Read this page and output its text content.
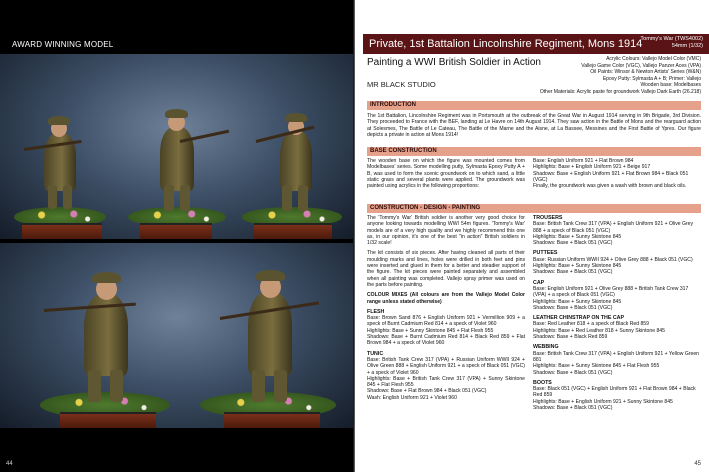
AWARD WINNING MODEL
44
Private, 1st Battalion Lincolnshire Regiment, Mons 1914
Tommy's War (TWS4002)
54mm (1/32)
Painting a WWI British Soldier in Action
MR BLACK STUDIO
Acrylic Colours: Vallejo Model Color (VMC)
Vallejo Game Color (VGC), Vallejo Panzer Aces (VPA)
Oil Paints: Winsor & Newton Artists' Series (W&N)
Epoxy Putty: Sylmasta A + B; Primer: Vallejo
Wooden base: Modelbases
Other Materials: Acrylic paste for groundwork Vallejo Dark Earth (26.218)
INTRODUCTION
The 1st Battalion, Lincolnshire Regiment was in Portsmouth at the outbreak of the Great War in August 1914 serving in 9th Brigade, 3rd Division. They proceeded to France with the BEF, landing at Le Havre on 14th August 1914. They saw action in the Battle of Mons and the rearguard action at Solesmes, The Battle of Le Cateau, The Battle of the Marne and the Aisne, at La Bassee, Messines and the First Battle of Ypres. Our figure depicts a private in action at Mons 1914!
BASE CONSTRUCTION
The wooden base on which the figure was mounted comes from Modelbases' series. Some modelling putty, Sylmasta Epoxy Putty A + B, was used to form the scenic groundwork on to which sand, a little static grass and several plants were applied. The groundwork was painted using acrylics in the following proportions:
Base: English Uniform 921 + Flat Brown 984
Highlights: Base + English Uniform 921 + Beige 917
Shadows: Base + English Uniform 921 + Flat Brown 984 + Black 051 (VGC)
Finally, the groundwork was given a wash with brown and black oils.
CONSTRUCTION - DESIGN - PAINTING

The 'Tommy's War' British soldier is another very good choice for anyone looking towards modelling WWI 54m figures. 'Tommy's War' models are of a very high quality and we highly recommend this one as, in our opinion, it's one of the best "in action" British soldiers in 1/32 scale!

The kit consists of six pieces. After having cleaned all parts of their moulding marks and lines, holes were drilled in both feet and pins were inserted and glued in them for a better and steadier support of the figure. The kit pieces were painted separately and assembled when all painting was completed. Vallejo spray primer was used on the parts before painting.

COLOUR MIXES (All colours are from the Vallejo Model Color range unless stated otherwise)

FLESH
Base: Brown Sand 876 + English Uniform 921 + Vermillion 909 + a speck of Burnt Cadmium Red 814 + a speck of Violet 960
Highlights: Base + Sunny Skintone 845 + Flat Flesh 955
Shadows: Base + Burnt Cadmium Red 814 + Black Red 859 + Flat Brown 984 + a speck of Violet 960
TUNIC
Base: British Tank Crew 317 (VPA) + Russian Uniform WWII 924 + Olive Green 888 + English Uniform 921 + a speck of Black 051 (VGC) + a speck of Violet 960
Highlights: Base + British Tank Crew 317 (VPA) + Sunny Skintone 845 + Flat Flesh 955
Shadows: Base + Flat Brown 984 + Black 051 (VGC)
Wash: English Uniform 921 + Violet 960
TROUSERS
Base: British Tank Crew 317 (VPA) + English Uniform 921 + Olive Grey 888 + a speck of Black 051 (VGC)
Highlights: Base + Sunny Skintone 845
Shadows: Base + Black 051 (VGC)
PUTTEES
Base: Russian Uniform WWII 924 + Olive Grey 888 + Black 051 (VGC)
Highlights: Base + Sunny Skintone 845
Shadows: Base + Black 051 (VGC)
CAP
Base: English Uniform 921 + Olive Grey 888 + British Tank Crew 317 (VPA) + a speck of Black 051 (VGC)
Highlights: Base + Sunny Skintone 845
Shadows: Base + Black 051 (VGC)
LEATHER CHINSTRAP ON THE CAP
Base: Red Leather 818 + a speck of Black Red 859
Highlights: Base + Red Leather 818 + Sunny Skintone 845
Shadows: Base + Black Red 859
WEBBING
Base: British Tank Crew 317 (VPA) + English Uniform 921 + Yellow Green 881
Highlights: Base + Sunny Skintone 845 + Flat Flesh 955
Shadows: Base + Black 051 (VGC)
BOOTS
Base: Black 051 (VGC) + English Uniform 921 + Flat Brown 984 + Black Red 859
Highlights: Base + English Uniform 921 + Sunny Skintone 845
Shadows: Base + Black 051 (VGC)
45
